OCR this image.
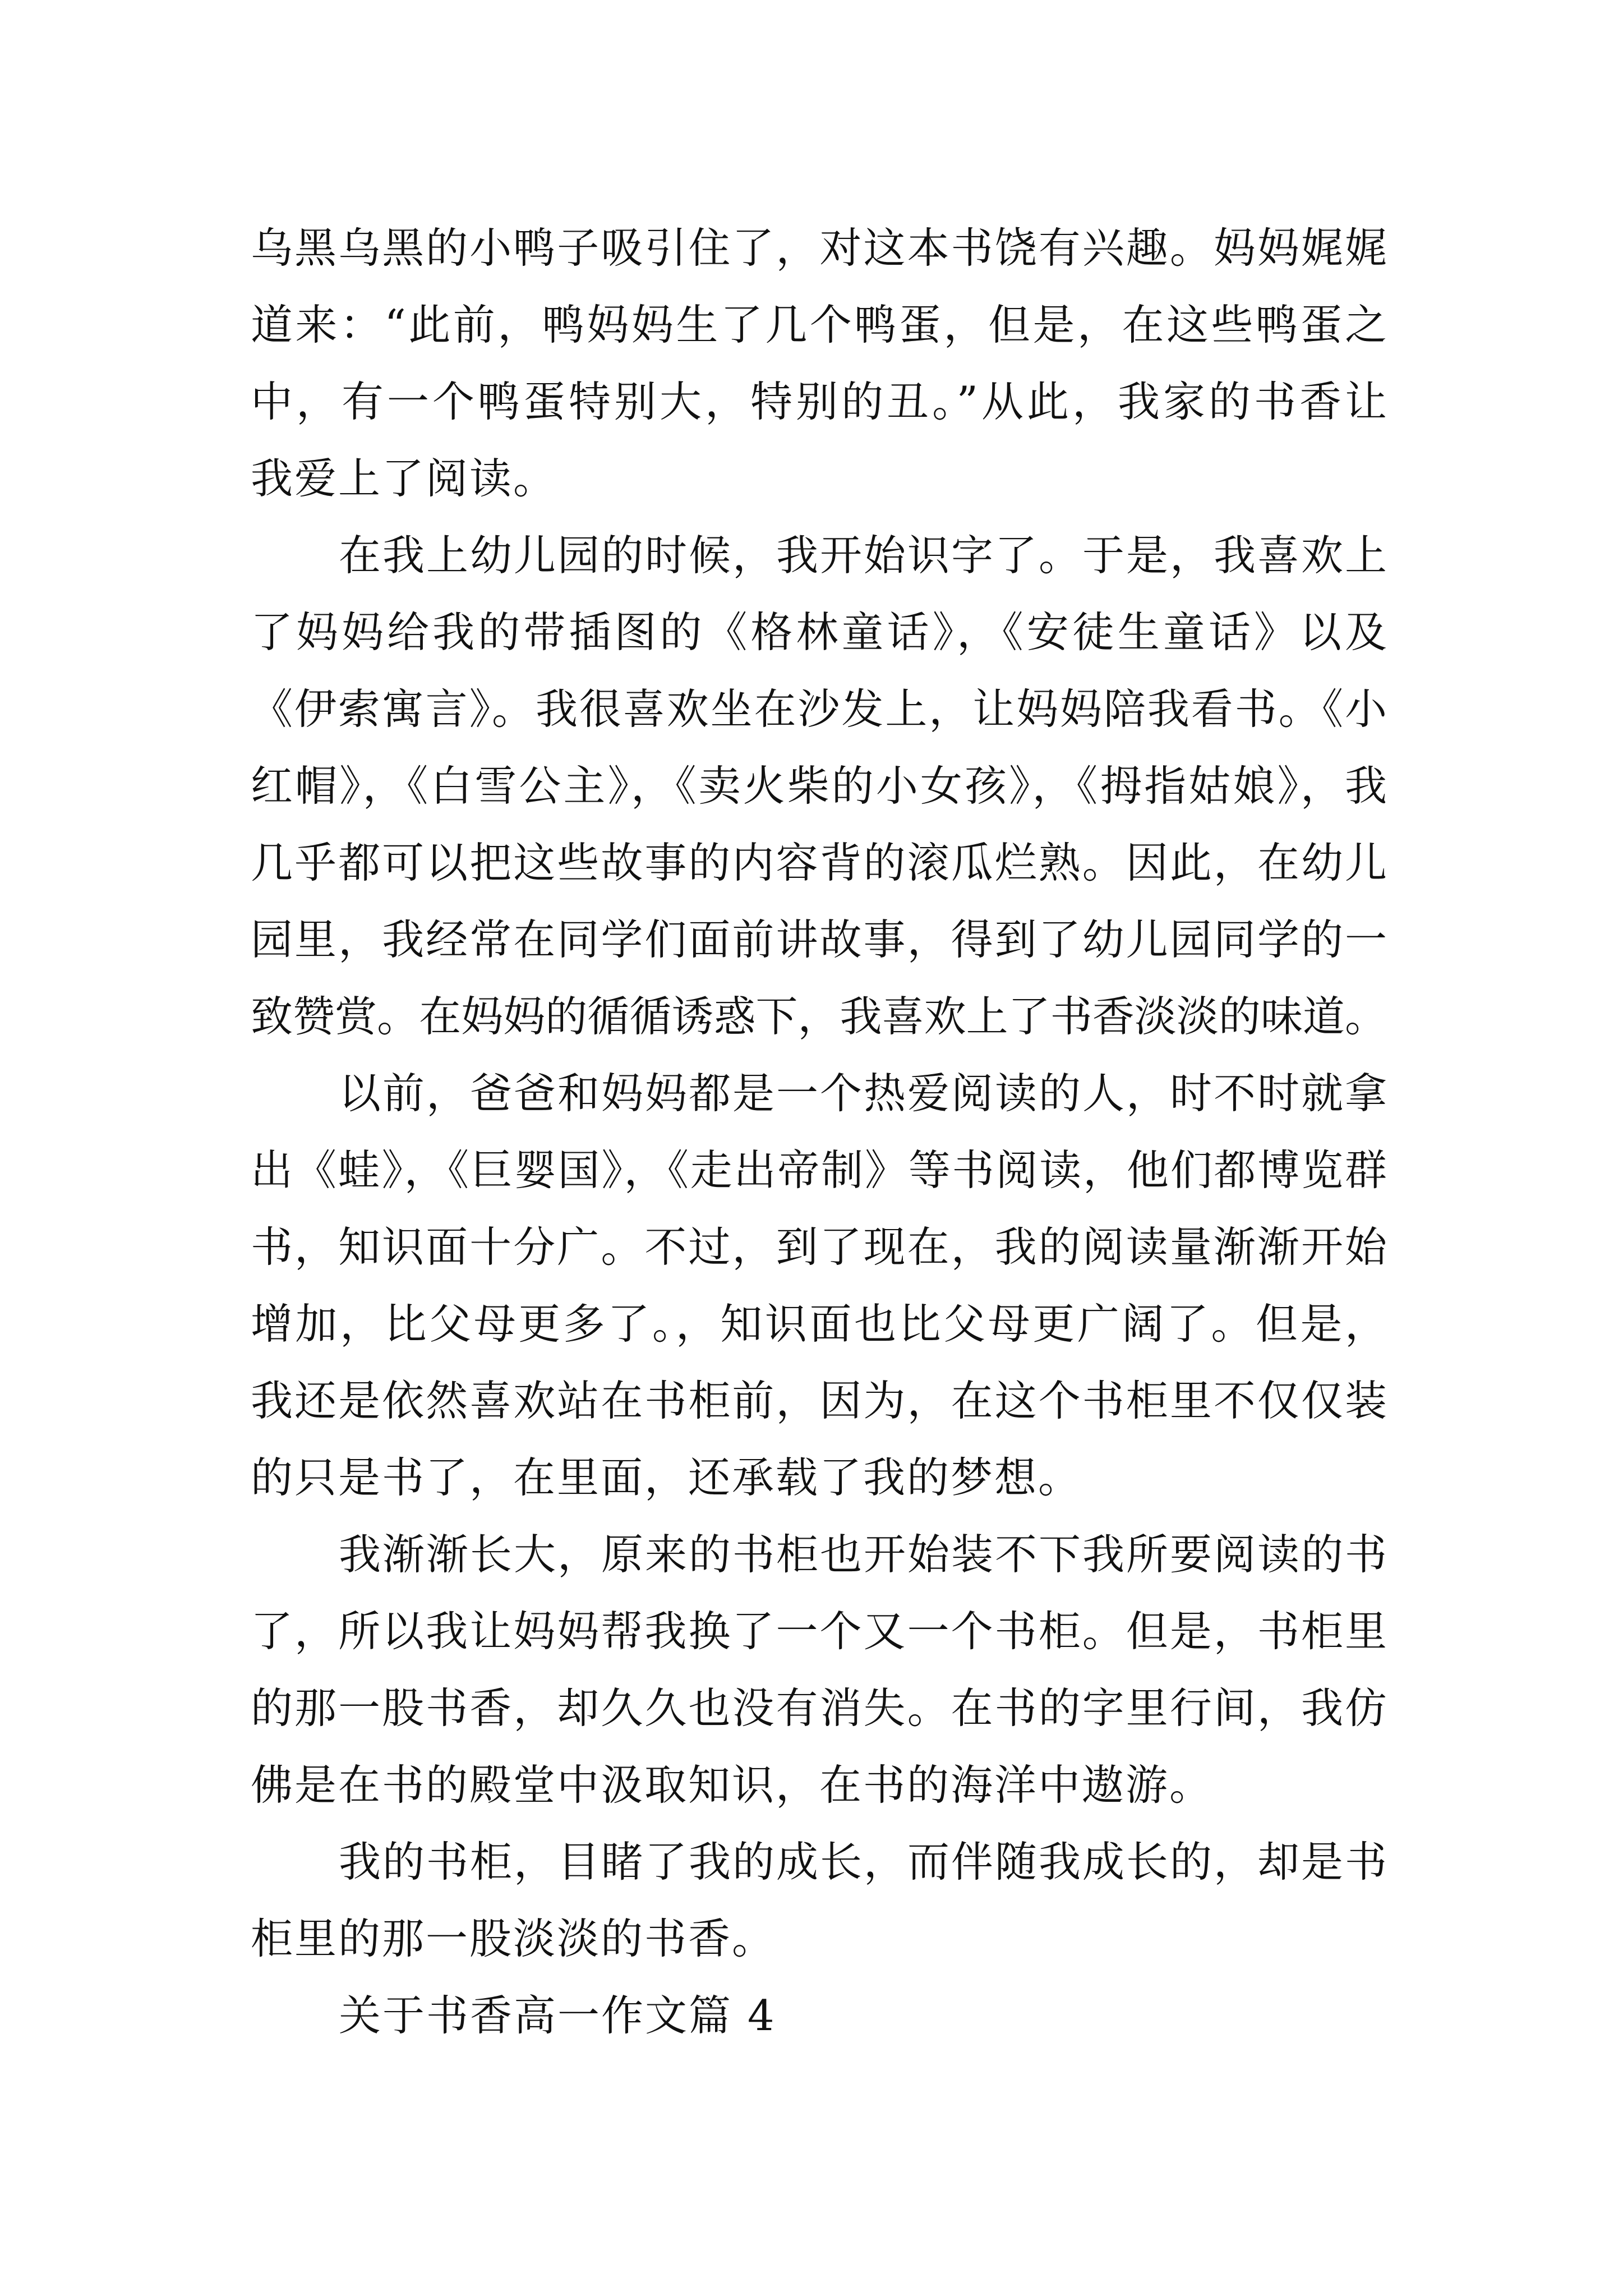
乌黑乌黑的小鸭子吸引住了，对这本书饶有兴趣。妈妈娓娓
道来：“此前，鸭妈妈生了几个鸭蛋，但是，在这些鸭蛋之
中，有一个鸭蛋特别大，特别的丑。”从此，我家的书香让
我爱上了阅读。
在我上幼儿园的时候，我开始识字了。于是，我喜欢上
了妈妈给我的带插图的《格林童话》，《安徒生童话》以及
《伊索寓言》。我很喜欢坐在沙发上，让妈妈陪我看书。《小
红帽》，《白雪公主》，《卖火柴的小女孩》，《拇指姑娘》，我
几乎都可以把这些故事的内容背的滚瓜烂熟。因此，在幼儿
园里，我经常在同学们面前讲故事，得到了幼儿园同学的一
致赞赏。在妈妈的循循诱惑下，我喜欢上了书香淡淡的味道。
以前，爸爸和妈妈都是一个热爱阅读的人，时不时就拿
出《蛙》，《巨婴国》，《走出帝制》等书阅读，他们都博览群
书，知识面十分广。不过，到了现在，我的阅读量渐渐开始
增加，比父母更多了。，知识面也比父母更广阔了。但是，
我还是依然喜欢站在书柜前，因为，在这个书柜里不仅仅装
的只是书了，在里面，还承载了我的梦想。
我渐渐长大，原来的书柜也开始装不下我所要阅读的书
了，所以我让妈妈帮我换了一个又一个书柜。但是，书柜里
的那一股书香，却久久也没有消失。在书的字里行间，我仿
佛是在书的殿堂中汲取知识，在书的海洋中遨游。
我的书柜，目睹了我的成长，而伴随我成长的，却是书
柜里的那一股淡淡的书香。
关于书香高一作文篇 4
